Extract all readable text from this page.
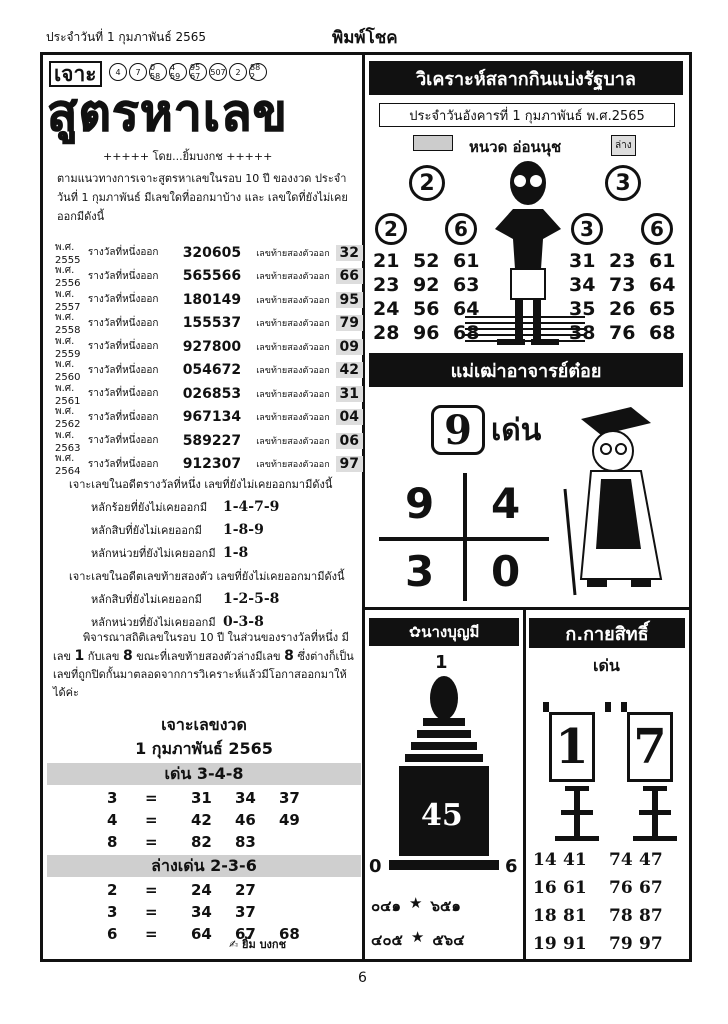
ประจำวันที่ 1 กุมภาพันธ์ 2565	พิมพ์โชค
เจาะ	4	7	0 58
4 59
95 67	507	2	88 2
สูตรหาเลข
+++++ โดย...ยิ้มบงกช +++++
ตามแนวทางการเจาะสูตรหาเลขในรอบ 10 ปี ของงวด ประจำวันที่ 1 กุมภาพันธ์ มีเลขใดที่ออกมาบ้าง และ เลขใดที่ยังไม่เคยออกมีดังนี้
พ.ศ. 2555
รางวัลที่หนึ่งออก	320605	เลขท้ายสองตัวออก 32
พ.ศ. 2556
รางวัลที่หนึ่งออก	565566	เลขท้ายสองตัวออก 66
พ.ศ. 2557
รางวัลที่หนึ่งออก	180149	เลขท้ายสองตัวออก 95
พ.ศ. 2558
รางวัลที่หนึ่งออก	155537	เลขท้ายสองตัวออก 79
พ.ศ. 2559
รางวัลที่หนึ่งออก	927800	เลขท้ายสองตัวออก 09
พ.ศ. 2560
รางวัลที่หนึ่งออก	054672	เลขท้ายสองตัวออก 42
พ.ศ. 2561
รางวัลที่หนึ่งออก	026853	เลขท้ายสองตัวออก 31
พ.ศ. 2562
รางวัลที่หนึ่งออก	967134	เลขท้ายสองตัวออก 04
พ.ศ. 2563
รางวัลที่หนึ่งออก	589227	เลขท้ายสองตัวออก 06
พ.ศ. 2564
รางวัลที่หนึ่งออก	912307	เลขท้ายสองตัวออก 97
เจาะเลขในอดีตรางวัลที่หนึ่ง เลขที่ยังไม่เคยออกมามีดังนี้
หลักร้อยที่ยังไม่เคยออกมี	1-4-7-9
หลักสิบที่ยังไม่เคยออกมี	1-8-9
หลักหน่วยที่ยังไม่เคยออกมี 1-8
เจาะเลขในอดีตเลขท้ายสองตัว เลขที่ยังไม่เคยออกมามีดังนี้
หลักสิบที่ยังไม่เคยออกมี	1-2-5-8
หลักหน่วยที่ยังไม่เคยออกมี 0-3-8
พิจารณาสถิติเลขในรอบ 10 ปี ในส่วนของรางวัลที่หนึ่ง มีเลข 1 กับเลข 8 ขณะที่เลขท้ายสองตัวล่างมีเลข 8 ซึ่งต่างก็เป็นเลขที่ถูกปิดกั้นมาตลอดจากการวิเคราะห์แล้วมีโอกาสออกมาให้ได้ค่ะ
เจาะเลขงวด
1 กุมภาพันธ์ 2565
เด่น 3-4-8
3	=	31	34	37
4	=	42	46	49
8	=	82	83
ล่างเด่น 2-3-6
2	=	24	27
3	=	34	37
6	=	64	67	68
✍ ยิ้ม บงกช
วิเคราะห์สลากกินแบ่งรัฐบาล
ประจำวันอังคารที่ 1 กุมภาพันธ์ พ.ศ.2565
หนวด อ่อนนุช	ล่าง
2
2	6
3
3	6
21 52 61
23 92 63
24 56 64
28 96 68
31 23 61
34 73 64
35 26 65
38 76 68
แม่เฒ่าอาจารย์ต๋อย
9 เด่น
9 4
3 0
✿ นางบุญมี
1
45
0	6
๐๔๑ ★ ๖๕๑
๔๐๕ ★ ๕๖๔
ก.กายสิทธิ์
เด่น
1 7
14 41	74 47
16 61	76 67
18 81	78 87
19 91	79 97
6
